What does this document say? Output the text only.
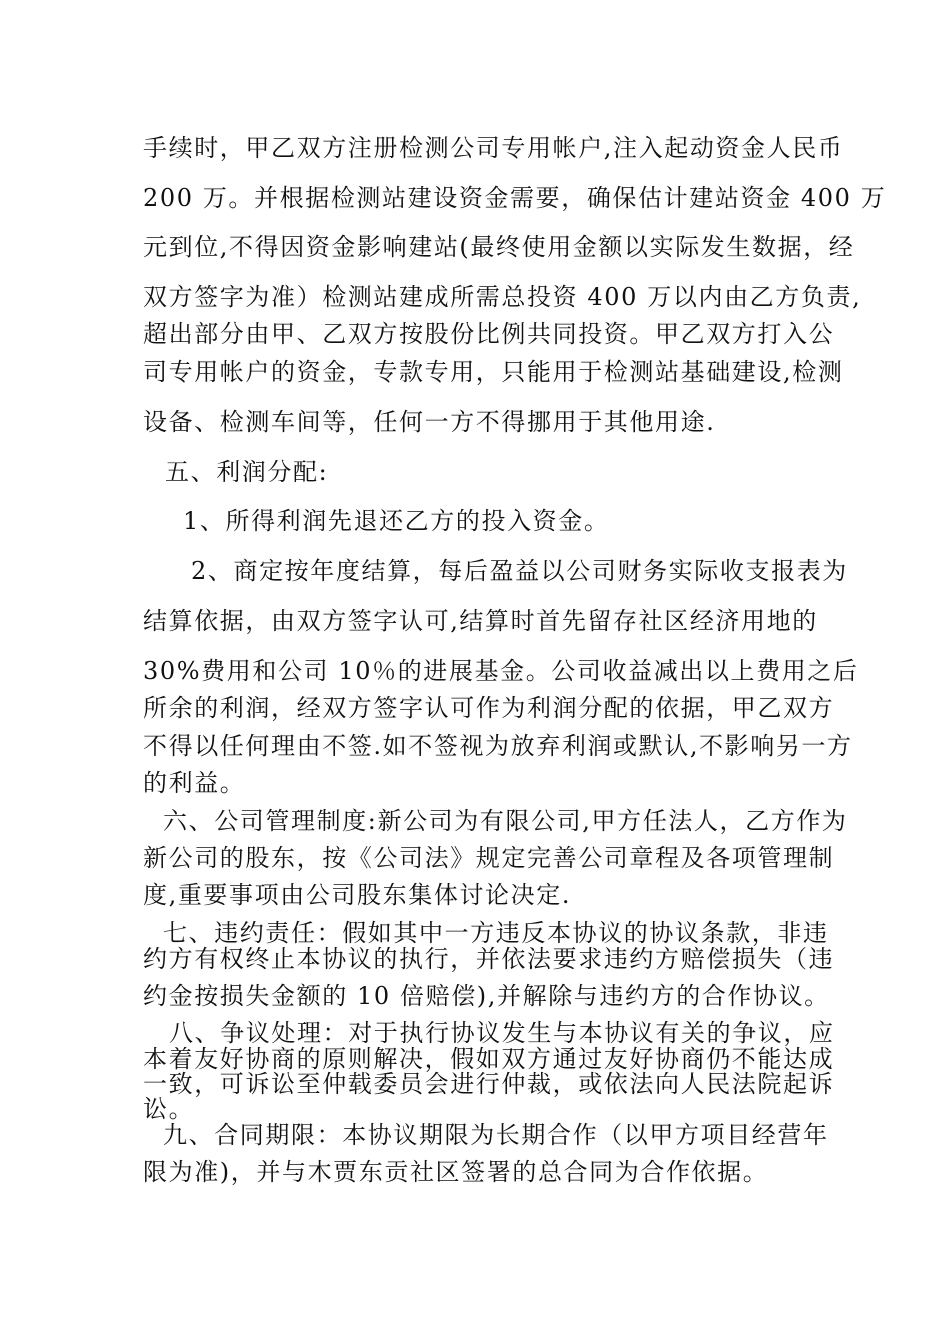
手续时，甲乙双方注册检测公司专用帐户,注入起动资金人民币
200 万。并根据检测站建设资金需要，确保估计建站资金 400 万
元到位,不得因资金影响建站(最终使用金额以实际发生数据，经
双方签字为准）检测站建成所需总投资 400 万以内由乙方负责,
超出部分由甲、乙双方按股份比例共同投资。甲乙双方打入公
司专用帐户的资金，专款专用，只能用于检测站基础建设,检测
设备、检测车间等，任何一方不得挪用于其他用途.
五、利润分配:
1、所得利润先退还乙方的投入资金。
2、商定按年度结算，每后盈益以公司财务实际收支报表为
结算依据，由双方签字认可,结算时首先留存社区经济用地的
30%费用和公司 10％的进展基金。公司收益减出以上费用之后
所余的利润，经双方签字认可作为利润分配的依据，甲乙双方
不得以任何理由不签.如不签视为放弃利润或默认,不影响另一方
的利益。
六、公司管理制度:新公司为有限公司,甲方任法人，乙方作为
新公司的股东，按《公司法》规定完善公司章程及各项管理制
度,重要事项由公司股东集体讨论决定.
七、违约责任：假如其中一方违反本协议的协议条款，非违
约方有权终止本协议的执行，并依法要求违约方赔偿损失（违
约金按损失金额的 10 倍赔偿),并解除与违约方的合作协议。
八、争议处理：对于执行协议发生与本协议有关的争议，应
本着友好协商的原则解决，假如双方通过友好协商仍不能达成
一致，可诉讼至仲载委员会进行仲裁，或依法向人民法院起诉
讼。
九、合同期限：本协议期限为长期合作（以甲方项目经营年
限为准)，并与木贾东贡社区签署的总合同为合作依据。
